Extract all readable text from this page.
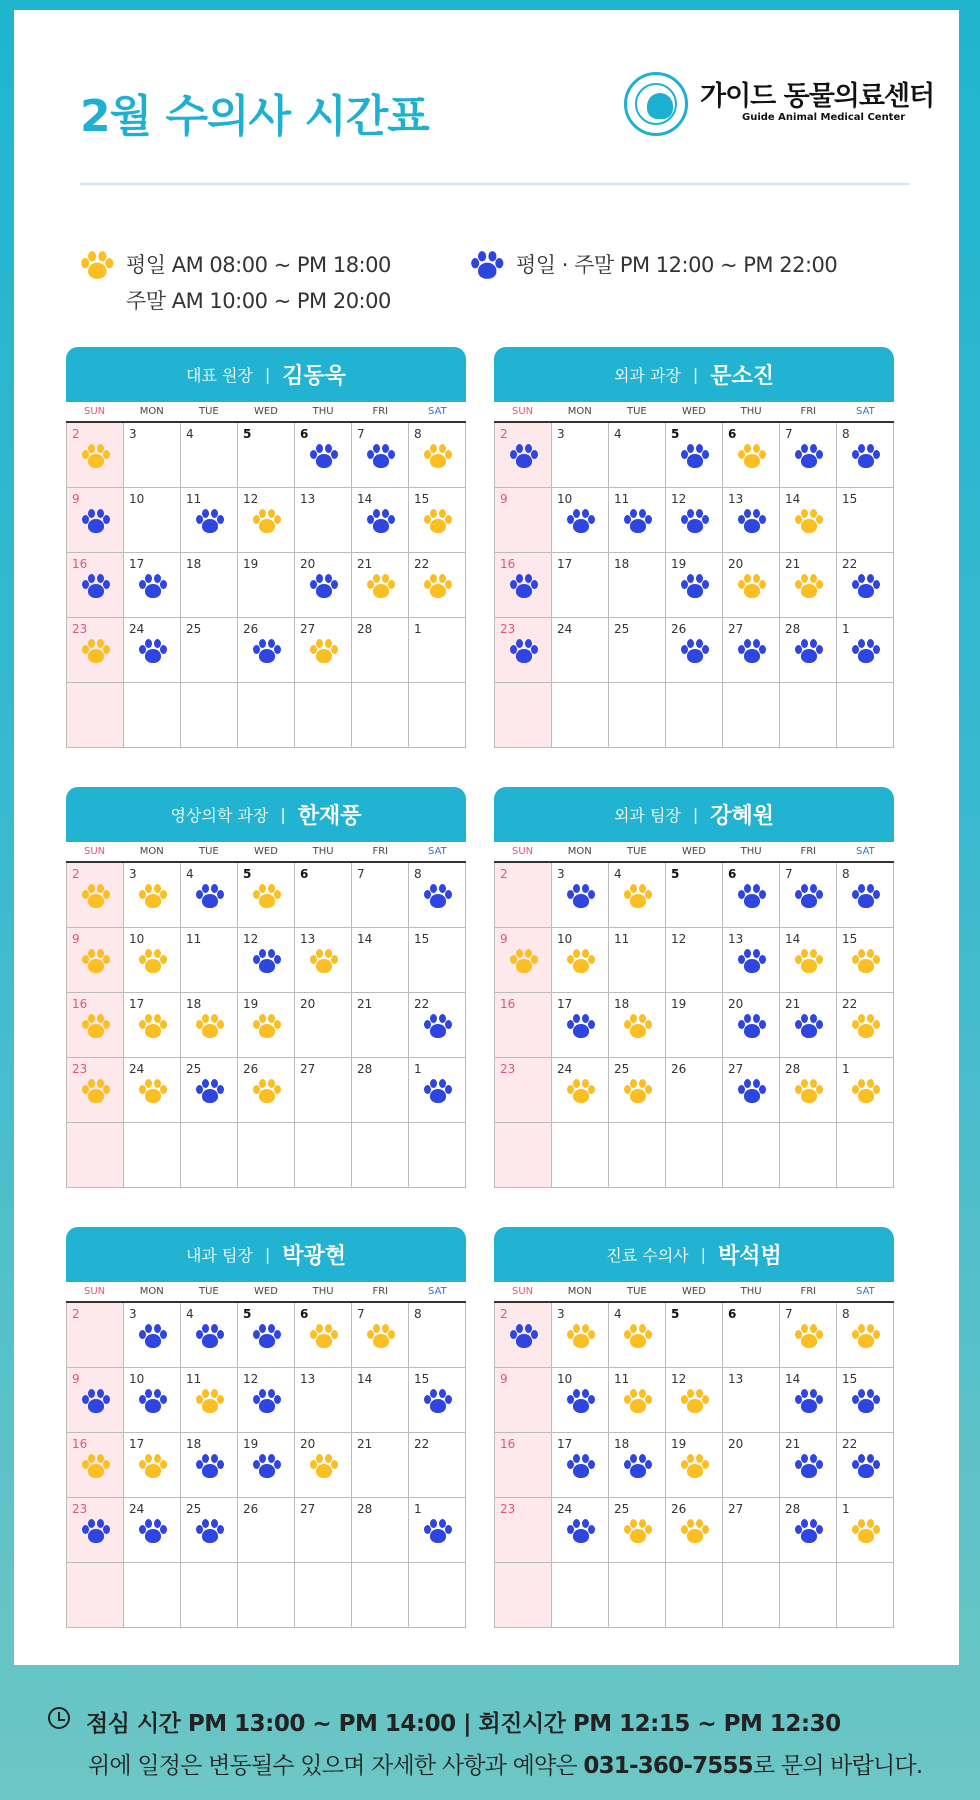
2월 수의사 시간표	가이드 동물의료센터
Guide Animal Medical Center
평일 AM 08:00 ~ PM 18:00
주말 AM 10:00 ~ PM 20:00
평일 · 주말 PM 12:00 ~ PM 22:00
대표 원장 | 김동욱
SUN	MON	TUE	WED	THU	FRI	SAT
2	3	4	5	6	7	8
9	10	11	12	13	14	15
16	17	18	19	20	21	22
23	24	25	26	27	28	1
외과 과장 | 문소진
SUN	MON	TUE	WED	THU	FRI	SAT
2	3	4	5	6	7	8
9	10	11	12	13	14	15
16	17	18	19	20	21	22
23	24	25	26	27	28	1
영상의학 과장 | 한재풍
SUN	MON	TUE	WED	THU	FRI	SAT
2	3	4	5	6	7	8
9	10	11	12	13	14	15
16	17	18	19	20	21	22
23	24	25	26	27	28	1
외과 팀장 | 강혜원
SUN	MON	TUE	WED	THU	FRI	SAT
2	3	4	5	6	7	8
9	10	11	12	13	14	15
16	17	18	19	20	21	22
23	24	25	26	27	28	1
내과 팀장 | 박광현
SUN	MON	TUE	WED	THU	FRI	SAT
2	3	4	5	6	7	8
9	10	11	12	13	14	15
16	17	18	19	20	21	22
23	24	25	26	27	28	1
진료 수의사 | 박석범
SUN	MON	TUE	WED	THU	FRI	SAT
2	3	4	5	6	7	8
9	10	11	12	13	14	15
16	17	18	19	20	21	22
23	24	25	26	27	28	1
점심 시간 PM 13:00 ~ PM 14:00 | 회진시간 PM 12:15 ~ PM 12:30
위에 일정은 변동될수 있으며 자세한 사항과 예약은 031-360-7555로 문의 바랍니다.
